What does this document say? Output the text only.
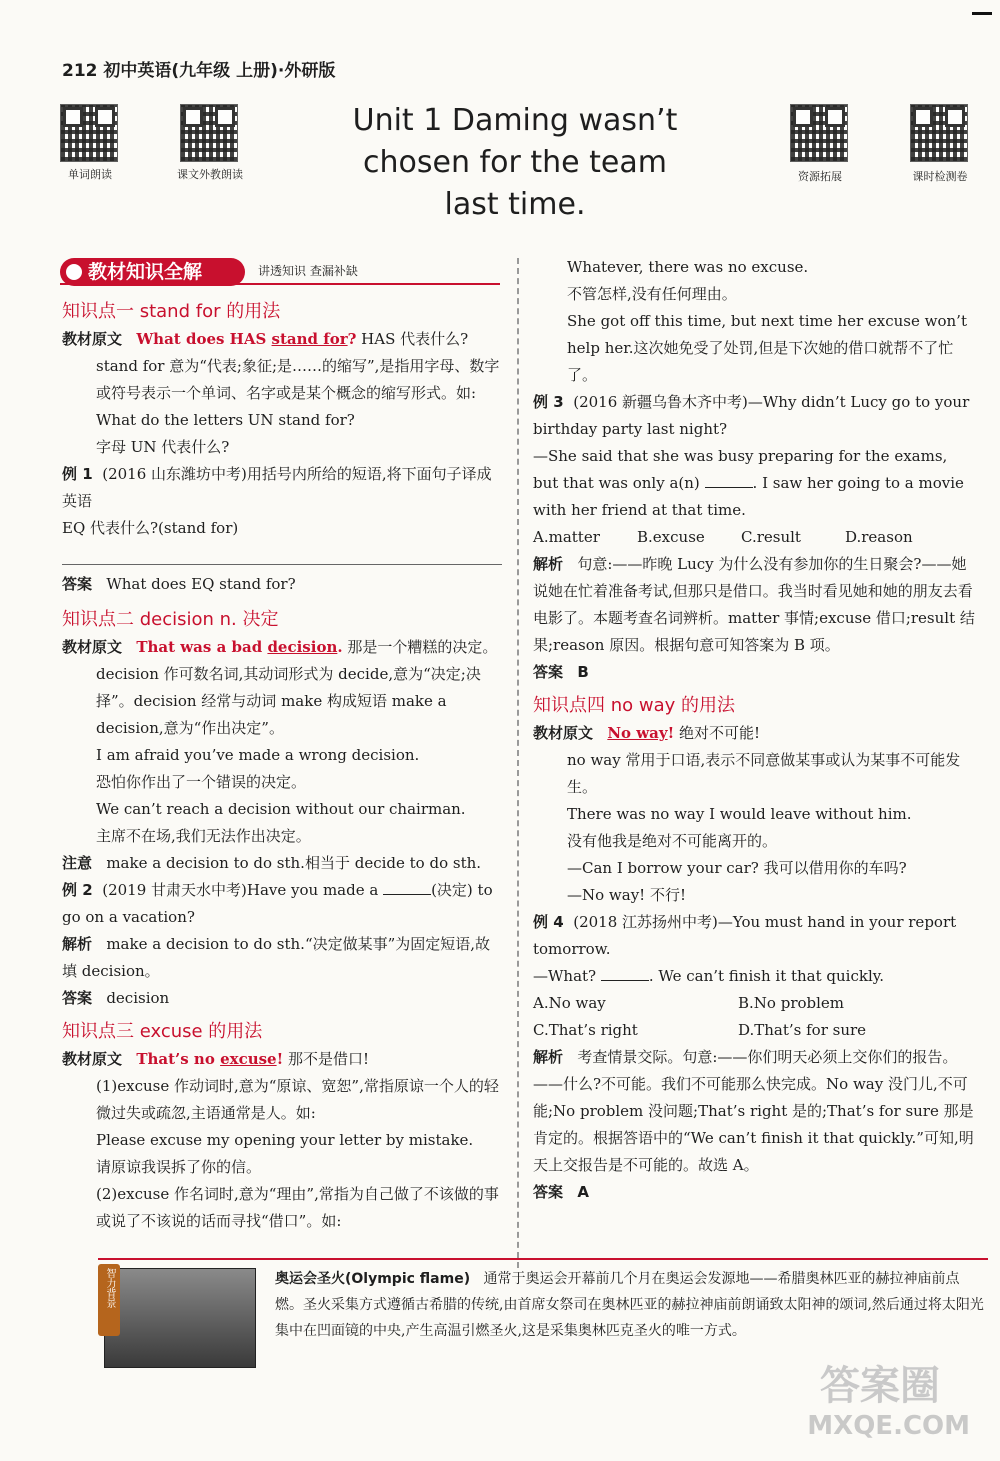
212 初中英语(九年级 上册)·外研版
单词朗读	课文外教朗读	资源拓展	课时检测卷
Unit 1 Daming wasn’t
chosen for the team
last time.
教材知识全解	讲透知识 查漏补缺
知识点一 stand for 的用法
教材原文 What does HAS stand for? HAS 代表什么?
stand for 意为“代表;象征;是……的缩写”,是指用字母、数字或符号表示一个单词、名字或是某个概念的缩写形式。如:
What do the letters UN stand for?
字母 UN 代表什么?
例 1 (2016 山东潍坊中考)用括号内所给的短语,将下面句子译成英语
EQ 代表什么?(stand for)
答案 What does EQ stand for?
知识点二 decision n. 决定
教材原文 That was a bad decision. 那是一个糟糕的决定。
decision 作可数名词,其动词形式为 decide,意为“决定;决择”。decision 经常与动词 make 构成短语 make a decision,意为“作出决定”。
I am afraid you’ve made a wrong decision.
恐怕你作出了一个错误的决定。
We can’t reach a decision without our chairman.
主席不在场,我们无法作出决定。
注意 make a decision to do sth.相当于 decide to do sth.
例 2 (2019 甘肃天水中考)Have you made a	(决定) to go on a vacation?
解析 make a decision to do sth.“决定做某事”为固定短语,故填 decision。
答案 decision
知识点三 excuse 的用法
教材原文 That’s no excuse! 那不是借口!
(1)excuse 作动词时,意为“原谅、宽恕”,常指原谅一个人的轻微过失或疏忽,主语通常是人。如:
Please excuse my opening your letter by mistake.
请原谅我误拆了你的信。
(2)excuse 作名词时,意为“理由”,常指为自己做了不该做的事或说了不该说的话而寻找“借口”。如:
Whatever, there was no excuse.
不管怎样,没有任何理由。
She got off this time, but next time her excuse won’t help her.这次她免受了处罚,但是下次她的借口就帮不了忙了。
例 3 (2016 新疆乌鲁木齐中考)—Why didn’t Lucy go to your birthday party last night?
—She said that she was busy preparing for the exams, but that was only a(n)	. I saw her going to a movie with her friend at that time.
A.matter B.excuse C.result	D.reason
解析 句意:——昨晚 Lucy 为什么没有参加你的生日聚会?——她说她在忙着准备考试,但那只是借口。我当时看见她和她的朋友去看电影了。本题考查名词辨析。matter 事情;excuse 借口;result 结果;reason 原因。根据句意可知答案为 B 项。
答案 B
知识点四 no way 的用法
教材原文 No way! 绝对不可能!
no way 常用于口语,表示不同意做某事或认为某事不可能发生。
There was no way I would leave without him.
没有他我是绝对不可能离开的。
—Can I borrow your car? 我可以借用你的车吗?
—No way! 不行!
例 4 (2018 江苏扬州中考)—You must hand in your report tomorrow.
—What?	. We can’t finish it that quickly.
A.No way	B.No problem
C.That’s right	D.That’s for sure
解析 考查情景交际。句意:——你们明天必须上交你们的报告。——什么?不可能。我们不可能那么快完成。No way 没门儿,不可能;No problem 没问题;That’s right 是的;That’s for sure 那是肯定的。根据答语中的“We can’t finish it that quickly.”可知,明天上交报告是不可能的。故选 A。
答案 A
智力背景	奥运会圣火(Olympic flame) 通常于奥运会开幕前几个月在奥运会发源地——希腊奥林匹亚的赫拉神庙前点燃。圣火采集方式遵循古希腊的传统,由首席女祭司在奥林匹亚的赫拉神庙前朗诵致太阳神的颂词,然后通过将太阳光集中在凹面镜的中央,产生高温引燃圣火,这是采集奥林匹克圣火的唯一方式。
答案圈
MXQE.COM
